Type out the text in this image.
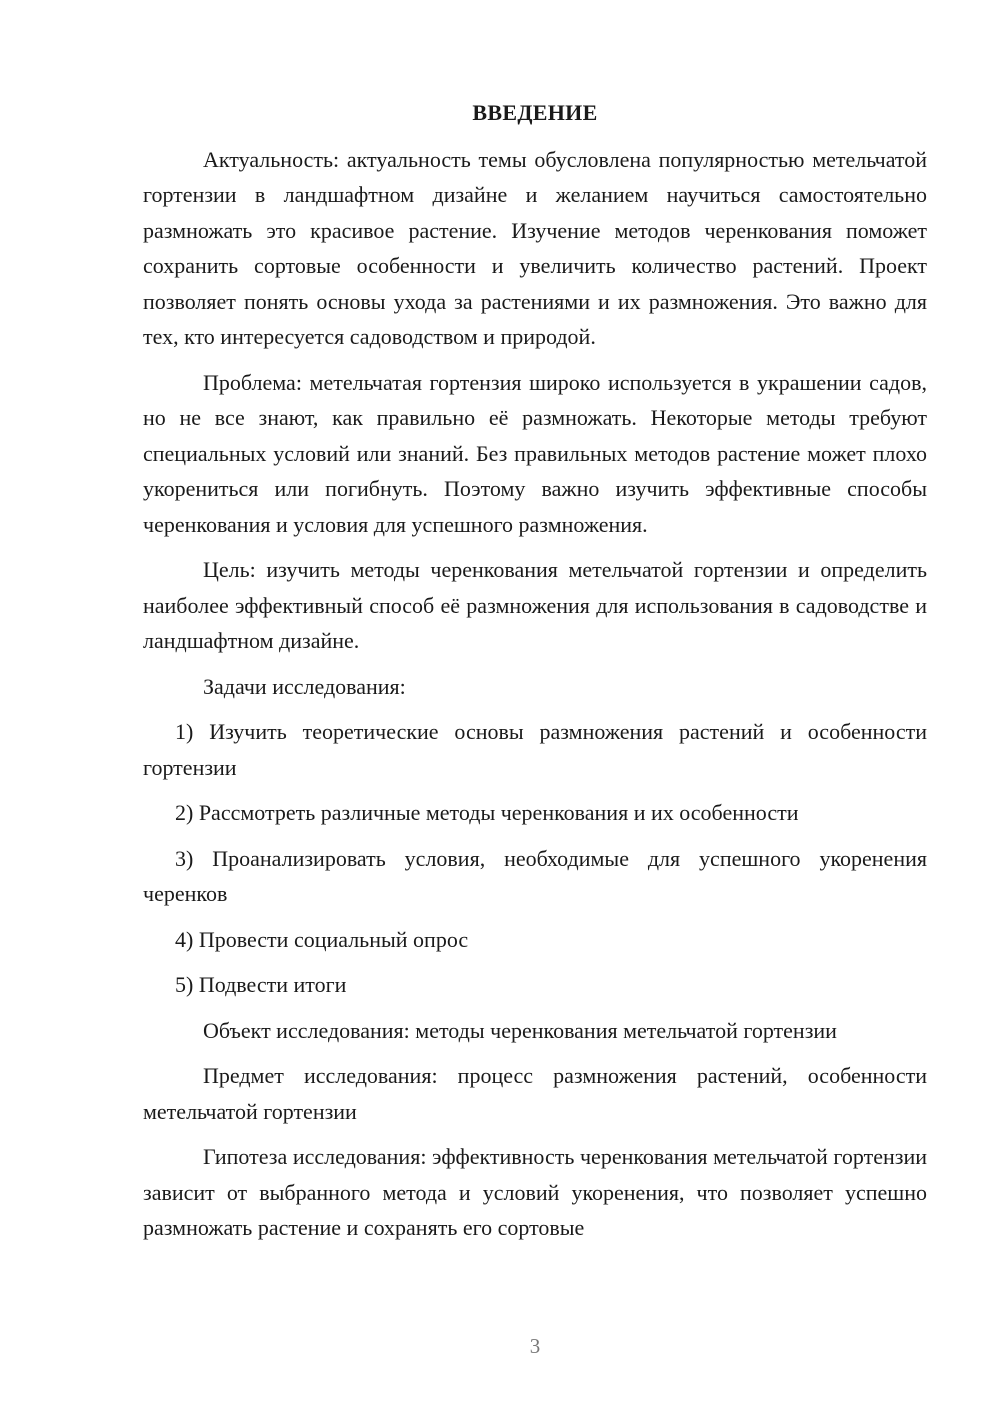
ВВЕДЕНИЕ

Актуальность: актуальность темы обусловлена популярностью метельчатой гортензии в ландшафтном дизайне и желанием научиться самостоятельно размножать это красивое растение. Изучение методов черенкования поможет сохранить сортовые особенности и увеличить количество растений. Проект позволяет понять основы ухода за растениями и их размножения. Это важно для тех, кто интересуется садоводством и природой.

Проблема: метельчатая гортензия широко используется в украшении садов, но не все знают, как правильно её размножать. Некоторые методы требуют специальных условий или знаний. Без правильных методов растение может плохо укорениться или погибнуть. Поэтому важно изучить эффективные способы черенкования и условия для успешного размножения.

Цель: изучить методы черенкования метельчатой гортензии и определить наиболее эффективный способ её размножения для использования в садоводстве и ландшафтном дизайне.

Задачи исследования:

1) Изучить теоретические основы размножения растений и особенности гортензии

2) Рассмотреть различные методы черенкования и их особенности

3) Проанализировать условия, необходимые для успешного укоренения черенков

4) Провести социальный опрос

5) Подвести итоги

Объект исследования: методы черенкования метельчатой гортензии

Предмет исследования: процесс размножения растений, особенности метельчатой гортензии

Гипотеза исследования: эффективность черенкования метельчатой гортензии зависит от выбранного метода и условий укоренения, что позволяет успешно размножать растение и сохранять его сортовые

3
